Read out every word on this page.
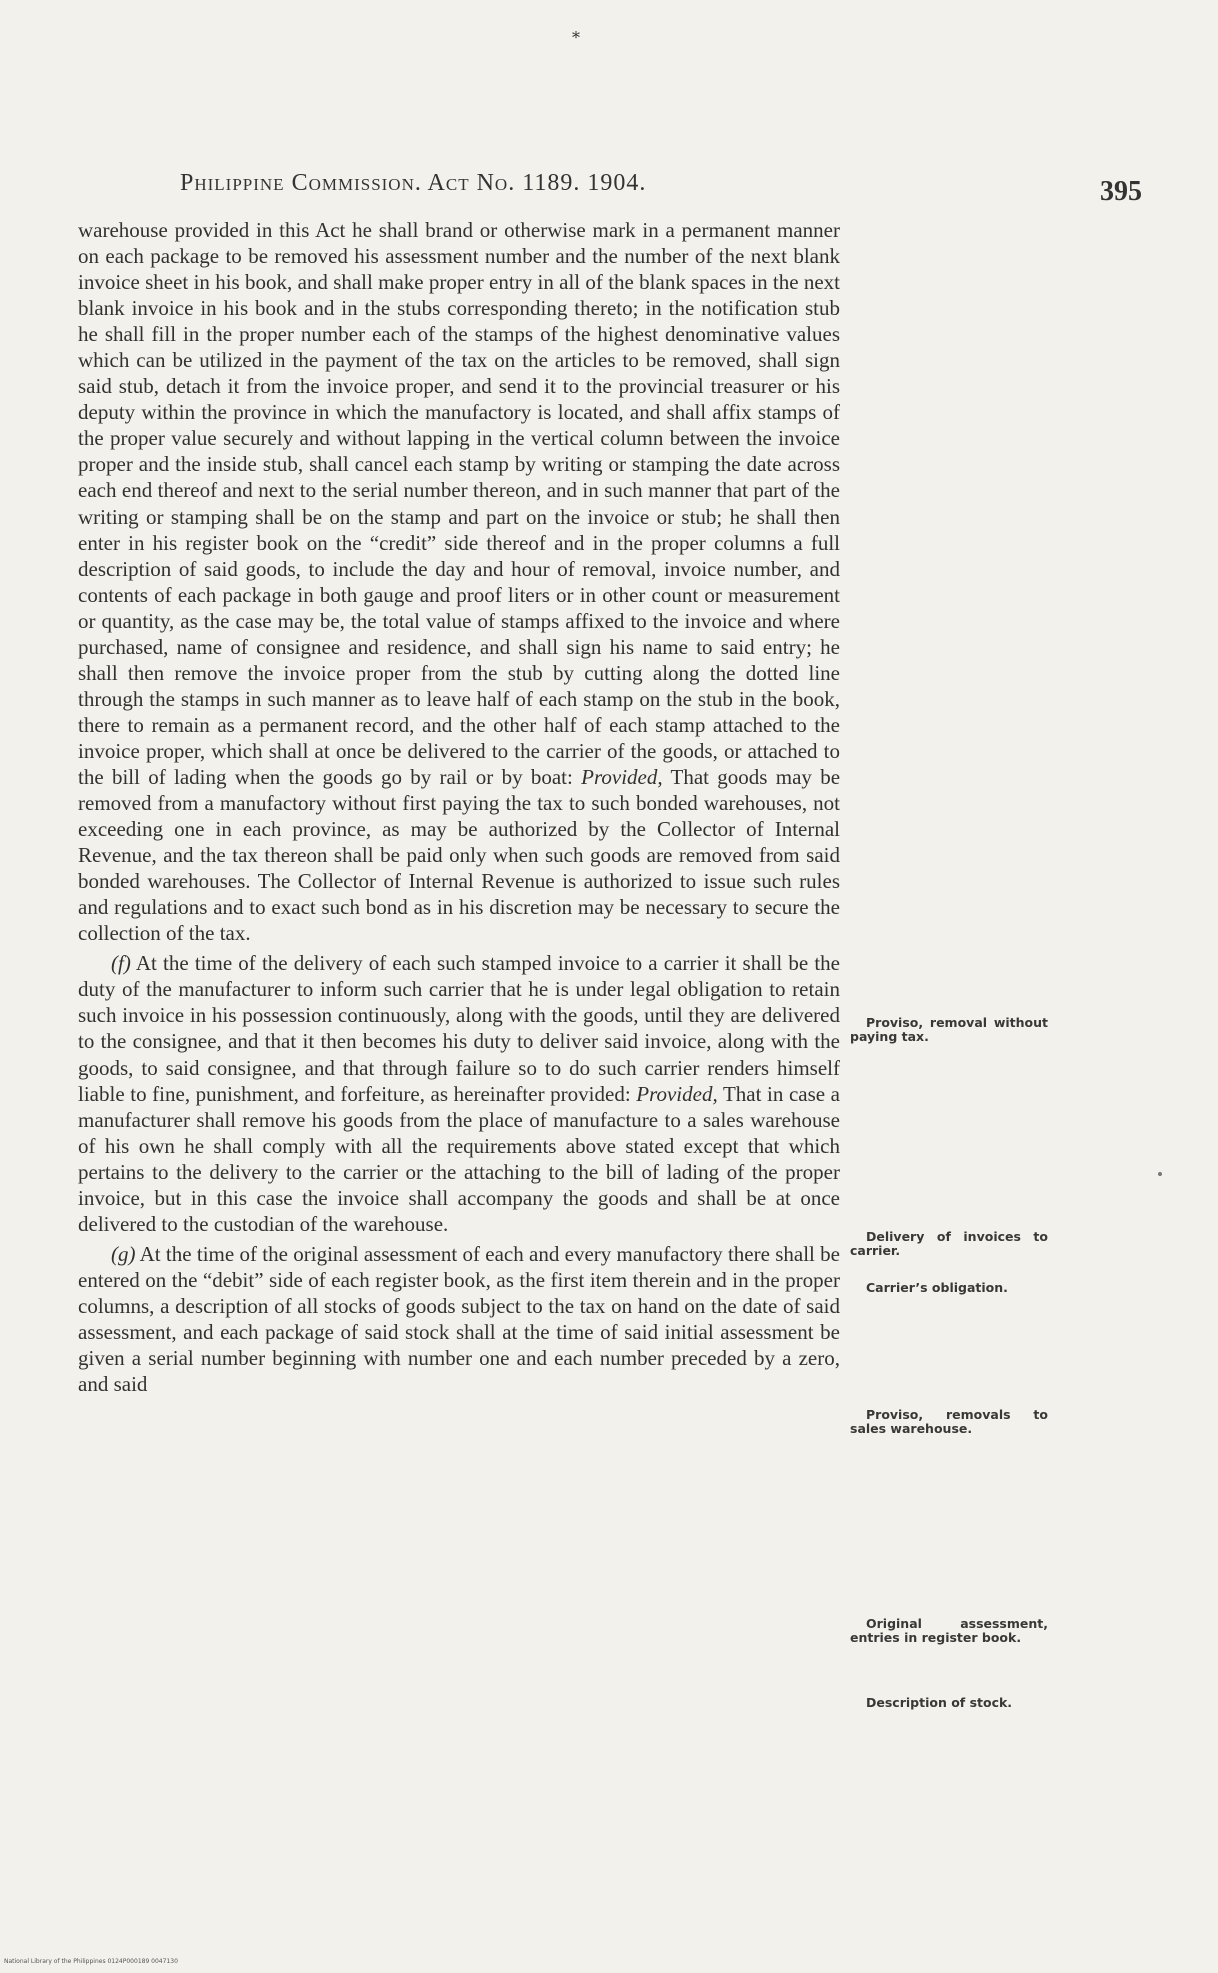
*
Philippine Commission. Act No. 1189. 1904.	395

warehouse provided in this Act he shall brand or otherwise mark in a permanent manner on each package to be removed his assessment number and the number of the next blank invoice sheet in his book, and shall make proper entry in all of the blank spaces in the next blank invoice in his book and in the stubs corresponding thereto; in the notification stub he shall fill in the proper number each of the stamps of the highest denominative values which can be utilized in the payment of the tax on the articles to be removed, shall sign said stub, detach it from the invoice proper, and send it to the provincial treasurer or his deputy within the province in which the manufactory is located, and shall affix stamps of the proper value securely and without lapping in the vertical column between the invoice proper and the inside stub, shall cancel each stamp by writing or stamping the date across each end thereof and next to the serial number thereon, and in such manner that part of the writing or stamping shall be on the stamp and part on the invoice or stub; he shall then enter in his register book on the “credit” side thereof and in the proper columns a full description of said goods, to include the day and hour of removal, invoice number, and contents of each package in both gauge and proof liters or in other count or measurement or quantity, as the case may be, the total value of stamps affixed to the invoice and where purchased, name of consignee and residence, and shall sign his name to said entry; he shall then remove the invoice proper from the stub by cutting along the dotted line through the stamps in such manner as to leave half of each stamp on the stub in the book, there to remain as a permanent record, and the other half of each stamp attached to the invoice proper, which shall at once be delivered to the carrier of the goods, or attached to the bill of lading when the goods go by rail or by boat: Provided, That goods may be removed from a manufactory without first paying the tax to such bonded warehouses, not exceeding one in each province, as may be authorized by the Collector of Internal Revenue, and the tax thereon shall be paid only when such goods are removed from said bonded warehouses. The Collector of Internal Revenue is authorized to issue such rules and regulations and to exact such bond as in his discretion may be necessary to secure the collection of the tax.

(f) At the time of the delivery of each such stamped invoice to a carrier it shall be the duty of the manufacturer to inform such carrier that he is under legal obligation to retain such invoice in his possession continuously, along with the goods, until they are delivered to the consignee, and that it then becomes his duty to deliver said invoice, along with the goods, to said consignee, and that through failure so to do such carrier renders himself liable to fine, punishment, and forfeiture, as hereinafter provided: Provided, That in case a manufacturer shall remove his goods from the place of manufacture to a sales warehouse of his own he shall comply with all the requirements above stated except that which pertains to the delivery to the carrier or the attaching to the bill of lading of the proper invoice, but in this case the invoice shall accompany the goods and shall be at once delivered to the custodian of the warehouse.

(g) At the time of the original assessment of each and every manufactory there shall be entered on the “debit” side of each register book, as the first item therein and in the proper columns, a description of all stocks of goods subject to the tax on hand on the date of said assessment, and each package of said stock shall at the time of said initial assessment be given a serial number beginning with number one and each number preceded by a zero, and said

Proviso, removal without paying tax.
Delivery of invoices to carrier.
Carrier’s obligation.
Proviso, removals to sales warehouse.
Original assessment, entries in register book.
Description of stock.
National Library of the Philippines 0124P000189 0047130
